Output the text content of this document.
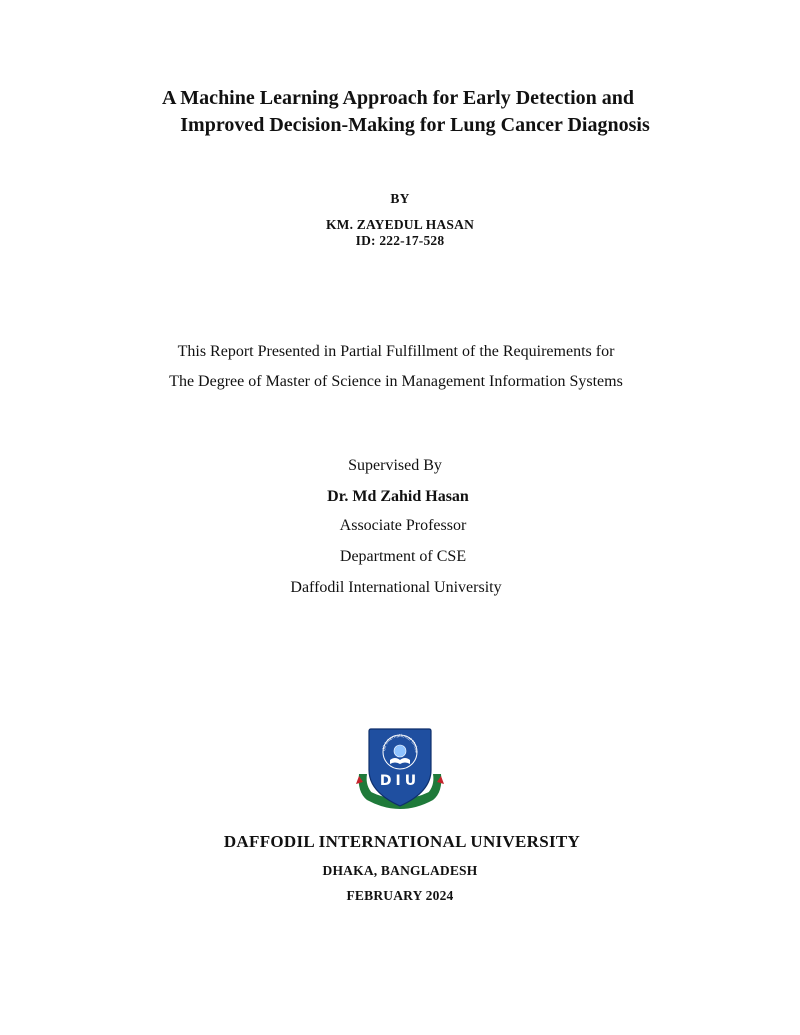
A Machine Learning Approach for Early Detection and
Improved Decision-Making for Lung Cancer Diagnosis
BY
KM. ZAYEDUL HASAN
ID: 222-17-528
This Report Presented in Partial Fulfillment of the Requirements for
The Degree of Master of Science in Management Information Systems
Supervised By
Dr. Md Zahid Hasan
Associate Professor
Department of CSE
Daffodil International University
dil International Unive
DIU
DAFFODIL INTERNATIONAL UNIVERSITY
DHAKA, BANGLADESH
FEBRUARY 2024
